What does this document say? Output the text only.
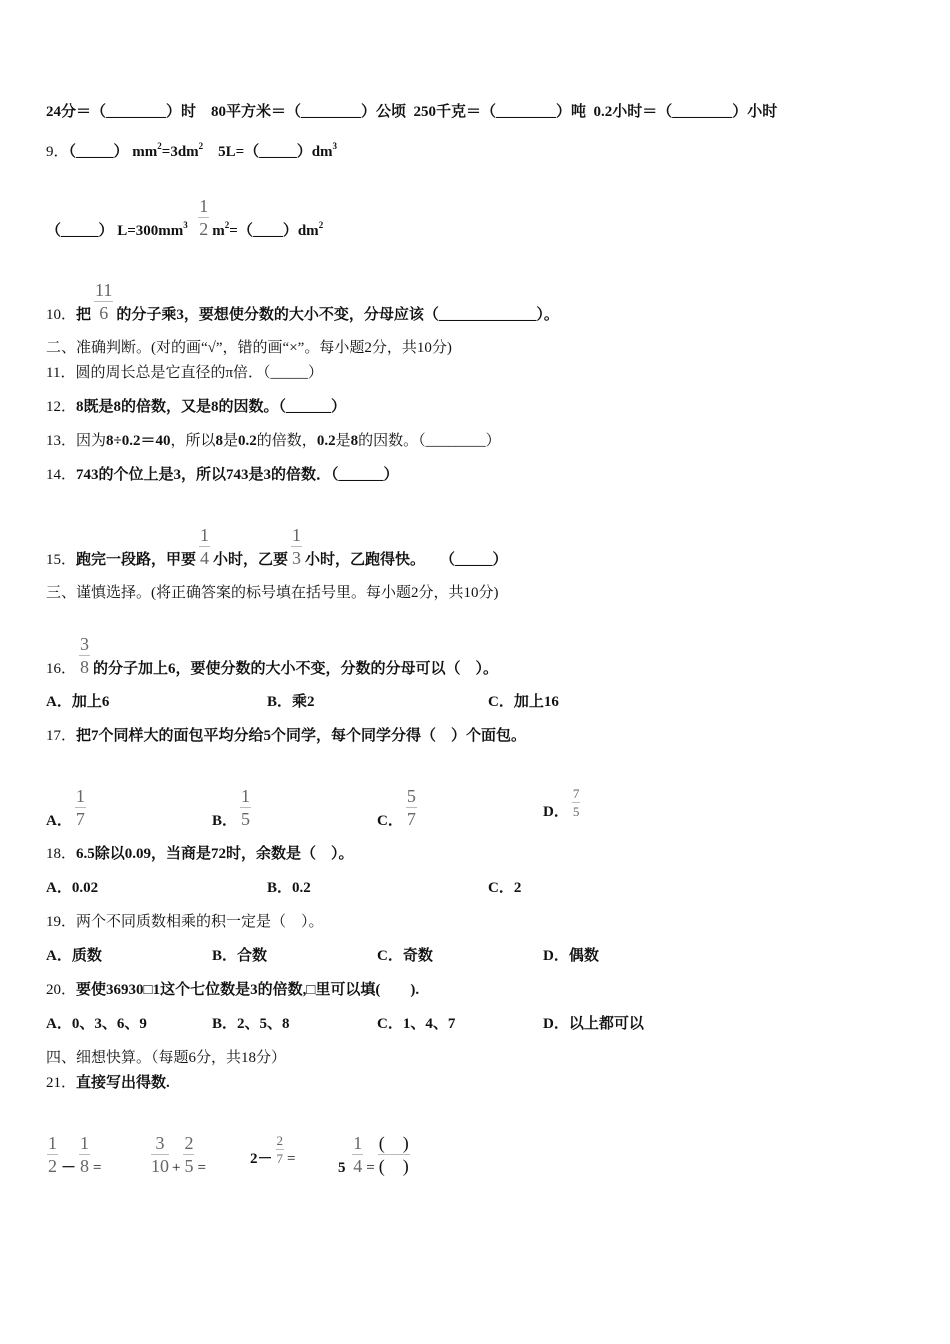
24分＝（________）时　80平方米＝（________）公顷  250千克＝（________）吨  0.2小时＝（________）小时
9．（_____） $mm^2=3dm^2$　$5L=(\_\_\_\_\_)dm^3$
（_____） $L=300mm^3 \frac{1}{2}$ $m^2=(\_\_\_\_)dm^2$
10．把 $\frac{11}{6}$ 的分子乘3，要想使分数的大小不变，分母应该（_____________）。
二、准确判断。(对的画“√”，错的画“×”。每小题2分，共10分)
11．圆的周长总是它直径的π倍．（_____）
12．8既是8的倍数，又是8的因数。（______）
13．因为8÷0.2＝40，所以8是0.2的倍数，0.2是8的因数。（________）
14．743的个位上是3，所以743是3的倍数．（______）
15．跑完一段路，甲要 $\frac{1}{4}$ 小时，乙要 $\frac{1}{3}$ 小时，乙跑得快。　　（_____）
三、谨慎选择。(将正确答案的标号填在括号里。每小题2分，共10分)
16． $\frac{3}{8}$ 的分子加上6，要使分数的大小不变，分数的分母可以（　）。
A．加上6	B．乘2	C．加上16
17．把7个同样大的面包平均分给5个同学，每个同学分得（　）个面包。
A． $\frac{1}{7}$	B． $\frac{1}{5}$	C． $\frac{5}{7}$	D． $\frac{7}{5}$
18．6.5除以0.09，当商是72时，余数是（　）。
A．0.02	B．0.2	C．2
19．两个不同质数相乘的积一定是（　）。
A．质数	B．合数	C．奇数	D．偶数
20．要使36930□1这个七位数是3的倍数,□里可以填(　　).
A．0、3、6、9	B．2、5、8	C．1、4、7	D．以上都可以
四、细想快算。（每题6分，共18分）
21．直接写出得数.
$\frac{1}{2} - \frac{1}{8}$ =	$\frac{3}{10} + \frac{2}{5}$ =
$2- \frac{2}{7}$ =
$5 \frac{1}{4} = \frac{( )}{( )}$
